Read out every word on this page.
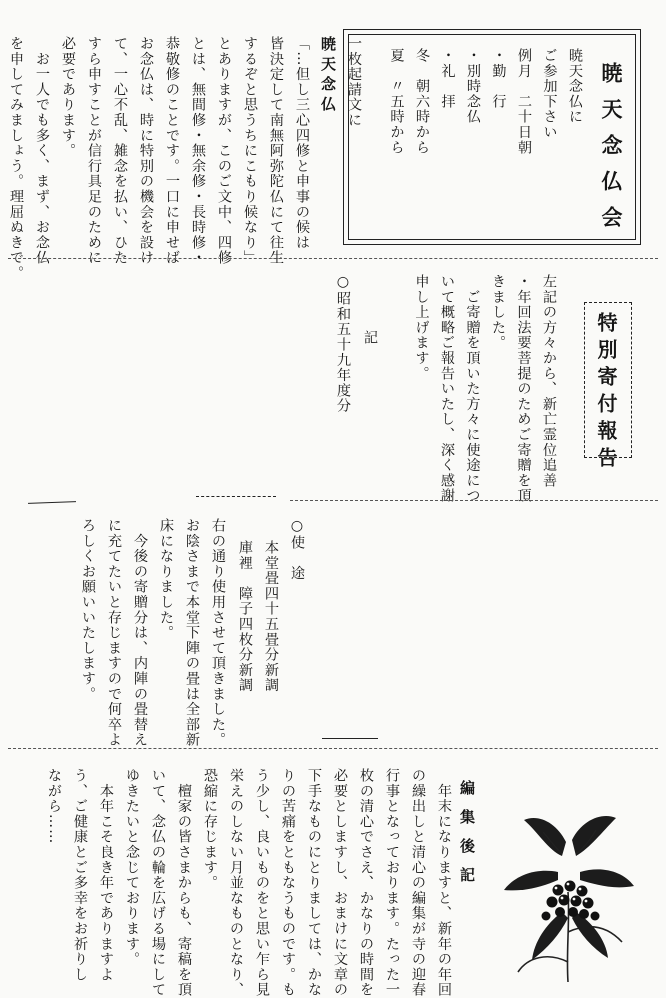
暁天念仏会
暁天念仏に
ご参加下さい
例月　二十日朝
・勤　行
・別時念仏
・礼　拝
冬　朝六時から
夏　〃五時から
暁天念仏 一枚起請文に
「…但し三心四修と申事の候は
皆決定して南無阿弥陀仏にて往生
するぞと思うちにこもり候なり」
とありますが、このご文中、四修
とは、無間修・無余修・長時修・
恭敬修のことです。一口に申せば
お念仏は、時に特別の機会を設け
て、一心不乱、雑念を払い、ひた
すら申すことが信行具足のために
必要であります。
　お一人でも多く、まず、お念仏
を申してみましょう。理屈ぬきで。
特別寄付報告
左記の方々から、新亡霊位追善
・年回法要菩提のためご寄贈を頂
きました。
　ご寄贈を頂いた方々に使途につ
いて概略ご報告いたし、深く感謝
申し上げます。
記
○昭和五十九年度分
○使　途
本堂畳四十五畳分新調
庫裡　障子四枚分新調
右の通り使用させて頂きました。
お陰さまで本堂下陣の畳は全部新
床になりました。
　今後の寄贈分は、内陣の畳替え
に充てたいと存じますので何卒よ
ろしくお願いいたします。
編集後記
　年末になりますと、新年の年回
の繰出しと清心の編集が寺の迎春
行事となっております。たった一
枚の清心でさえ、かなりの時間を
必要としますし、おまけに文章の
下手なものにとりましては、かな
りの苦痛をともなうものです。も
う少し、良いものをと思い乍ら見
栄えのしない月並なものとなり、
恐縮に存じます。
　檀家の皆さまからも、寄稿を頂
いて、念仏の輪を広げる場にして
ゆきたいと念じております。
　本年こそ良き年でありますよ
う、ご健康とご多幸をお祈りし
ながら……
